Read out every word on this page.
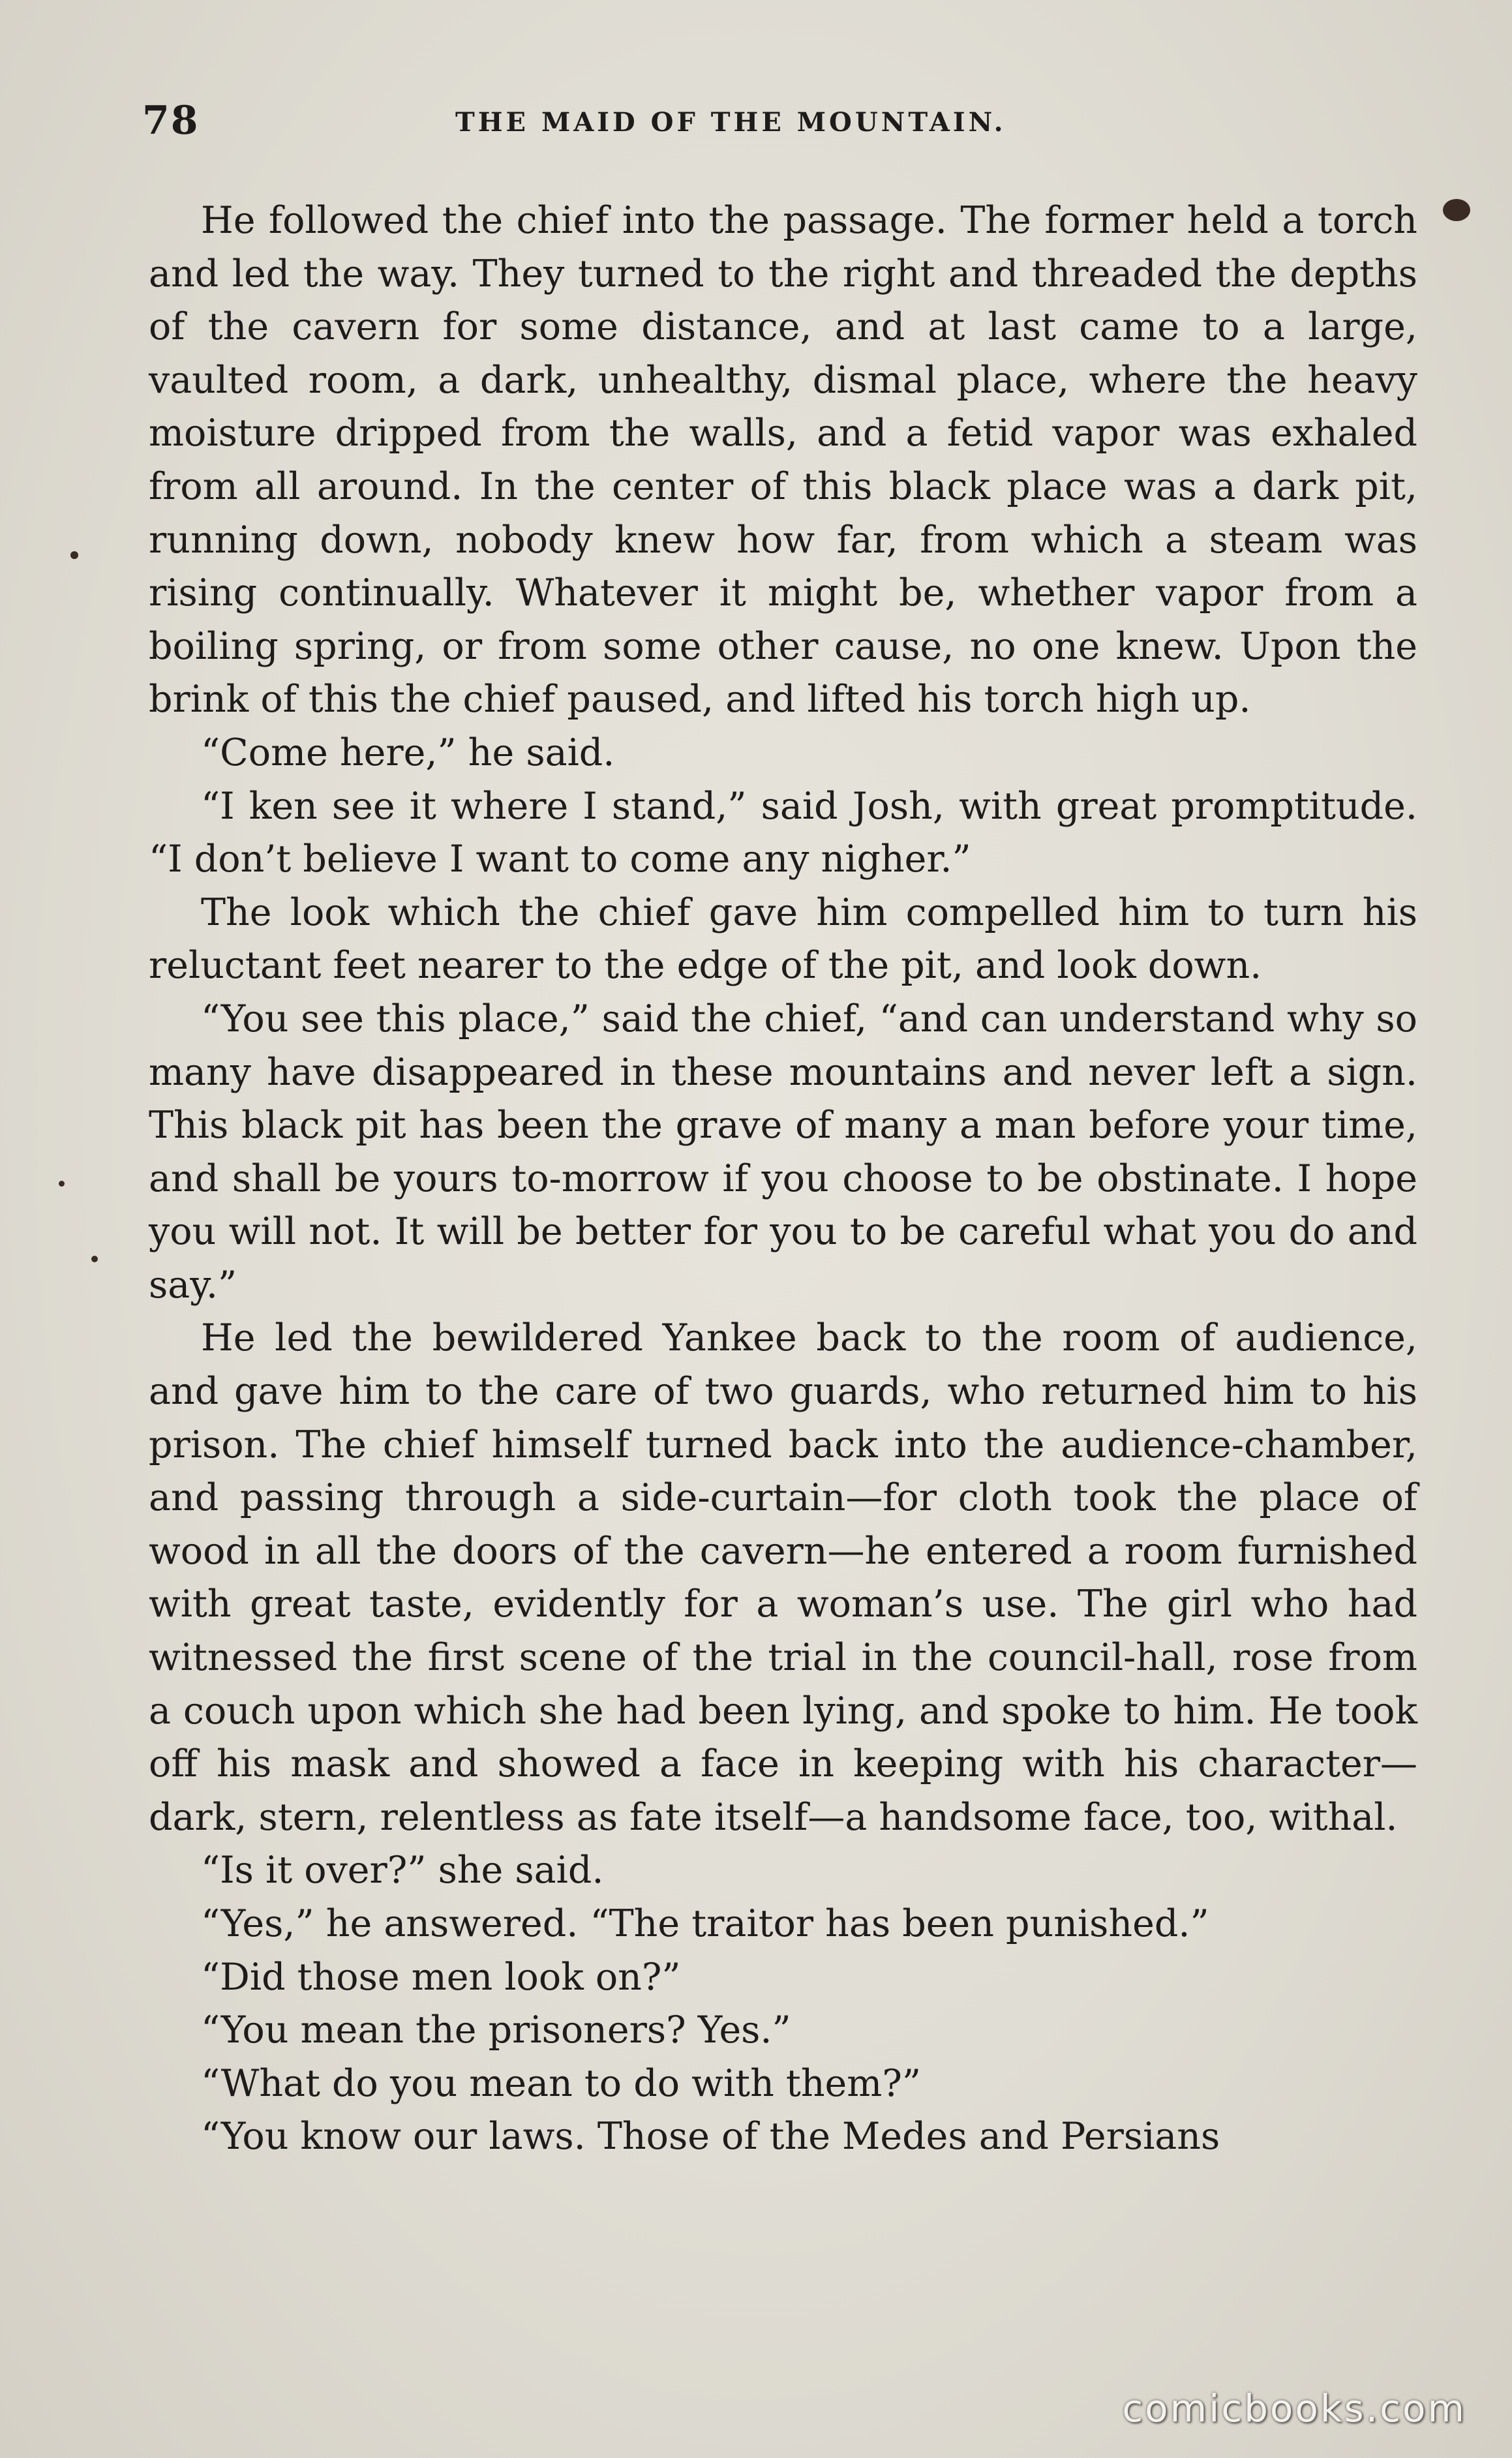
78	THE MAID OF THE MOUNTAIN.

He followed the chief into the passage. The former held a torch and led the way. They turned to the right and threaded the depths of the cavern for some distance, and at last came to a large, vaulted room, a dark, unhealthy, dismal place, where the heavy moisture dripped from the walls, and a fetid vapor was exhaled from all around. In the center of this black place was a dark pit, running down, nobody knew how far, from which a steam was rising continually. Whatever it might be, whether vapor from a boiling spring, or from some other cause, no one knew. Upon the brink of this the chief paused, and lifted his torch high up.

“Come here,” he said.

“I ken see it where I stand,” said Josh, with great promptitude. “I don’t believe I want to come any nigher.”

The look which the chief gave him compelled him to turn his reluctant feet nearer to the edge of the pit, and look down.

“You see this place,” said the chief, “and can understand why so many have disappeared in these mountains and never left a sign. This black pit has been the grave of many a man before your time, and shall be yours to-morrow if you choose to be obstinate. I hope you will not. It will be better for you to be careful what you do and say.”

He led the bewildered Yankee back to the room of audience, and gave him to the care of two guards, who returned him to his prison. The chief himself turned back into the audience-chamber, and passing through a side-curtain—for cloth took the place of wood in all the doors of the cavern—he entered a room furnished with great taste, evidently for a woman’s use. The girl who had witnessed the first scene of the trial in the council-hall, rose from a couch upon which she had been lying, and spoke to him. He took off his mask and showed a face in keeping with his character—dark, stern, relentless as fate itself—a handsome face, too, withal.

“Is it over?” she said.

“Yes,” he answered. “The traitor has been punished.”

“Did those men look on?”

“You mean the prisoners? Yes.”

“What do you mean to do with them?”

“You know our laws. Those of the Medes and Persians

comicbooks.com
